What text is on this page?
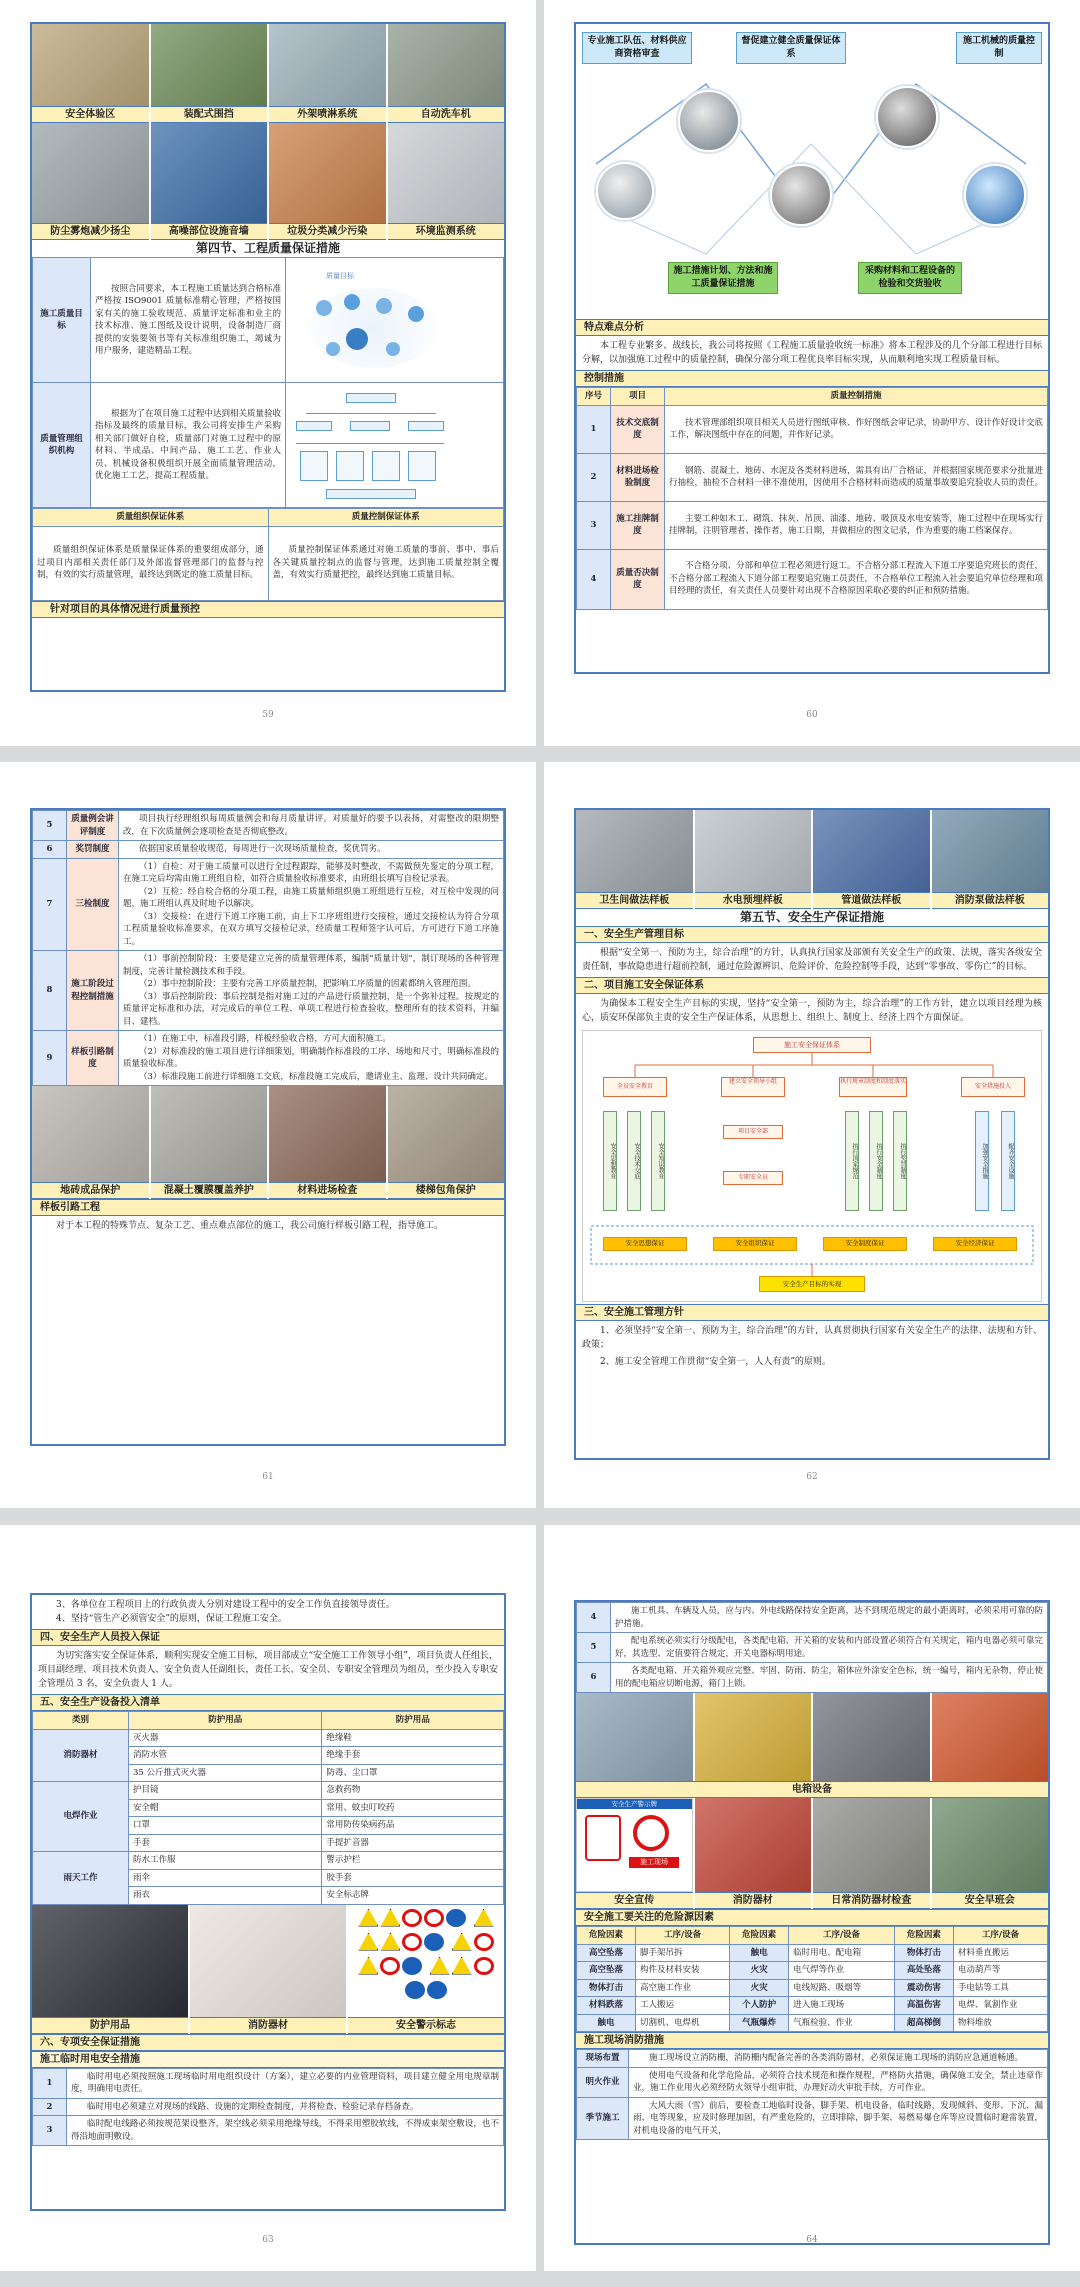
安全体验区	装配式围挡	外架喷淋系统	自动洗车机
防尘雾炮减少扬尘	高噪部位设施音墙	垃圾分类减少污染	环境监测系统
第四节、工程质量保证措施
施工质量目标	按照合同要求，本工程施工质量达到合格标准严格按 ISO9001 质量标准精心管理，严格按国家有关的施工验收规范、质量评定标准和业主的技术标准、施工图纸及设计说明，设备制造厂商提供的安装要领书等有关标准组织施工，竭诚为用户服务，建造精品工程。	质量目标

质量管理组织机构	根据为了在项目施工过程中达到相关质量验收指标及最终的质量目标，我公司将安排生产采购相关部门做好自检，质量部门对施工过程中的原材料、半成品、中间产品、施工工艺、作业人员、机械设备积极组织开展全面质量管理活动，优化施工工艺，提高工程质量。	
质量组织保证体系	质量控制保证体系
质量组织保证体系是质量保证体系的重要组成部分，通过项目内部相关责任部门及外部监督管理部门的监督与控制，有效的实行质量管理，最终达到既定的施工质量目标。	质量控制保证体系通过对施工质量的事前、事中、事后各关键质量控制点的监督与管理，达到施工质量控制全覆盖，有效实行质量把控，最终达到施工质量目标。
针对项目的具体情况进行质量预控
59
专业施工队伍、材料供应商资格审查
督促建立健全质量保证体系
施工机械的质量控制
施工措施计划、方法和施工质量保证措施
采购材料和工程设备的检验和交货验收
特点难点分析
本工程专业繁多、战线长，我公司将按照《工程施工质量验收统一标准》将本工程涉及的几个分部工程进行目标分解，以加强施工过程中的质量控制，确保分部分项工程优良率目标实现，从而顺利地实现工程质量目标。
控制措施
序号	项目	质量控制措施
1	技术交底制度	技术管理部组织项目相关人员进行图纸审核、作好图纸会审记录，协助甲方、设计作好设计交底工作，解决图纸中存在的问题，并作好记录。
2	材料进场检验制度	钢筋、混凝土、地砖、水泥及各类材料进场，需具有出厂合格证，并根据国家规范要求分批量进行抽检，抽检不合材料一律不准使用，因使用不合格材料而造成的质量事故要追究验收人员的责任。
3	施工挂牌制度	主要工种如木工、砌筑、抹灰、吊顶、油漆、地砖、吸顶及水电安装等，施工过程中在现场实行挂牌制，注明管理者、操作者，施工日期，并做相应的图文记录，作为重要的施工档案保存。
4	质量否决制度	不合格分项、分部和单位工程必须进行返工。不合格分部工程流入下道工序要追究班长的责任，不合格分部工程流入下道分部工程要追究施工员责任，不合格单位工程流入社会要追究单位经理和项目经理的责任，有关责任人员要针对出现不合格原因采取必要的纠正和预防措施。
60
5	质量例会讲评制度	项目执行经理组织每周质量例会和每月质量讲评。对质量好的要予以表扬，对需整改的限期整改，在下次质量例会逐项检查是否彻底整改。
6	奖罚制度	依据国家质量验收规范，每周进行一次现场质量检查，奖优罚劣。
7	三检制度	（1）自检：对于施工质量可以进行全过程跟踪，能够及时整改，不需做预先鉴定的分项工程，在施工完后均需由施工班组自检，如符合质量验收标准要求，由班组长填写自检记录表。
（2）互检：经自检合格的分项工程，由施工质量师组织施工班组进行互检，对互检中发现的问题，施工班组认真及时地予以解决。
（3）交接检：在进行下道工序施工前，由上下工序班组进行交接检，通过交接检认为符合分项工程质量验收标准要求，在双方填写交接检记录，经质量工程师签字认可后，方可进行下道工序施工。

8	施工阶段过程控制措施	（1）事前控制阶段：主要是建立完善的质量管理体系，编制“质量计划”，制订现场的各种管理制度，完善计量检测技术和手段。
（2）事中控制阶段：主要有完善工序质量控制，把影响工序质量的因素都纳入管理范围。
（3）事后控制阶段：事后控制是指对施工过的产品进行质量控制，是一个弥补过程。按规定的质量评定标准和办法，对完成后的单位工程、单项工程进行检查验收，整理所有的技术资料，并编目、建档。

9	样板引路制度	（1）在施工中，标准段引路，样板经验收合格，方可大面积施工。
（2）对标准段的施工项目进行详细策划，明确制作标准段的工序、场地和尺寸，明确标准段的质量验收标准。
（3）标准段施工前进行详细施工交底，标准段施工完成后，邀请业主、监理、设计共同确定。
地砖成品保护	混凝土覆膜覆盖养护	材料进场检查	楼梯包角保护
样板引路工程
对于本工程的特殊节点、复杂工艺、重点难点部位的施工，我公司施行样板引路工程，指导施工。
61
卫生间做法样板	水电预埋样板	管道做法样板	消防泵做法样板
第五节、安全生产保证措施
一、安全生产管理目标
根据“安全第一、预防为主，综合治理”的方针，认真执行国家及部颁有关安全生产的政策、法规，落实各级安全责任制，事故隐患进行超前控制，通过危险源辨识、危险评价、危险控制等手段，达到“零事故、零伤亡”的目标。
二、项目施工安全保证体系
为确保本工程安全生产目标的实现，坚持“安全第一，预防为主，综合治理”的工作方针，建立以项目经理为核心，质安环保部负主责的安全生产保证体系，从思想上、组织上、制度上、经济上四个方面保证。
施工安全保证体系
全员安全教育
建立安全领导小组	执行规章制度和制度落实
安全措施投入
安全思想教育	安全技术交底	安全知识教育
项目安全部
专职安全员	执行国家规范	执行安全制度	执行奖罚制度	加强安全措施	配齐安全设施
安全思想保证	安全组织保证	安全制度保证	安全经济保证
安全生产目标的实现
三、安全施工管理方针
1、必须坚持“安全第一、预防为主，综合治理”的方针，认真贯彻执行国家有关安全生产的法律、法规和方针、政策；
2、施工安全管理工作贯彻“安全第一，人人有责”的原则。
62
3、各单位在工程项目上的行政负责人分别对建设工程中的安全工作负直接领导责任。
4、坚持“管生产必须管安全”的原则，保证工程施工安全。
四、安全生产人员投入保证
为切实落实安全保证体系，顺利实现安全施工目标，项目部成立“安全施工工作领导小组”，项目负责人任组长，项目副经理、项目技术负责人、安全负责人任副组长，责任工长、安全员、专职安全管理员为组员，至少投入专职安全管理员 3 名，安全负责人 1 人。
五、安全生产设备投入清单
类别	防护用品	防护用品
消防器材	灭火器	绝缘鞋
	消防水管	绝缘手套
	35 公斤推式灭火器	防毒、尘口罩
电焊作业	护目镜	急救药物
	安全帽	常用、蚊虫叮咬药
	口罩	常用防传染病药品
	手套	手提扩音器
雨天工作	防水工作服	警示护栏
	雨伞	胶手套
	雨衣	安全标志牌
防护用品	消防器材
	安全警示标志
六、专项安全保证措施
施工临时用电安全措施
1	临时用电必须按照施工现场临时用电组织设计（方案），建立必要的内业管理资料，项目建立健全用电规章制度，明确用电责任。
2	临时用电必须建立对现场的线路、设施的定期检查制度，并将检查、检验记录存档备查。
3	临时配电线路必须按规范架设整齐，架空线必须采用绝缘导线，不得采用塑胶软线，不得成束架空敷设，也不得沿地面明敷设。
63
4	施工机具、车辆及人员，应与内、外电线路保持安全距离，达不到规范规定的最小距离时，必须采用可靠的防护措施。
5	配电系统必须实行分级配电，各类配电箱、开关箱的安装和内部设置必须符合有关规定，箱内电器必须可靠完好，其选型、定值要符合规定，开关电器标明用途。
6	各类配电箱、开关箱外观应完整、牢固、防雨、防尘，箱体应外涂安全色标，统一编号，箱内无杂物，停止使用的配电箱应切断电源，箱门上锁。
电箱设备
安全生产警示牌
施工现场
安全宣传	消防器材	日常消防器材检查	安全早班会
安全施工要关注的危险源因素
危险因素	工序/设备	危险因素	工序/设备	危险因素	工序/设备
高空坠落	脚手架吊拆	触电	临时用电、配电箱	物体打击	材料垂直搬运
高空坠落	构件及材料安装	火灾	电气焊等作业	高处坠落	电动葫芦等
物体打击	高空施工作业	火灾	电线短路、吸烟等	震动伤害	手电钻等工具
材料跌落	工人搬运	个人防护	进入施工现场	高温伤害	电焊、氧割作业
触电	切割机、电焊机	气瓶爆炸	气瓶检验、作业	超高梯倒	物料堆放
施工现场消防措施
现场布置	施工现场设立消防栅，消防栅内配备完善的各类消防器材，必须保证施工现场的消防应急通道畅通。
明火作业	使用电气设备和化学危险品，必须符合技术规范和操作规程，严格防火措施，确保施工安全，禁止违章作业，施工作业用火必须经防火领导小组审批，办理好动火审批手续，方可作业。
季节施工	大风大雨（雪）前后，要检查工地临时设备、脚手架、机电设备，临时线路，发现倾斜、变形、下沉、漏雨、电等现象，应及时修理加固，有严重危险的，立即排除，脚手架、易燃易爆仓库等应设置临时避雷装置，对机电设备的电气开关，
64
